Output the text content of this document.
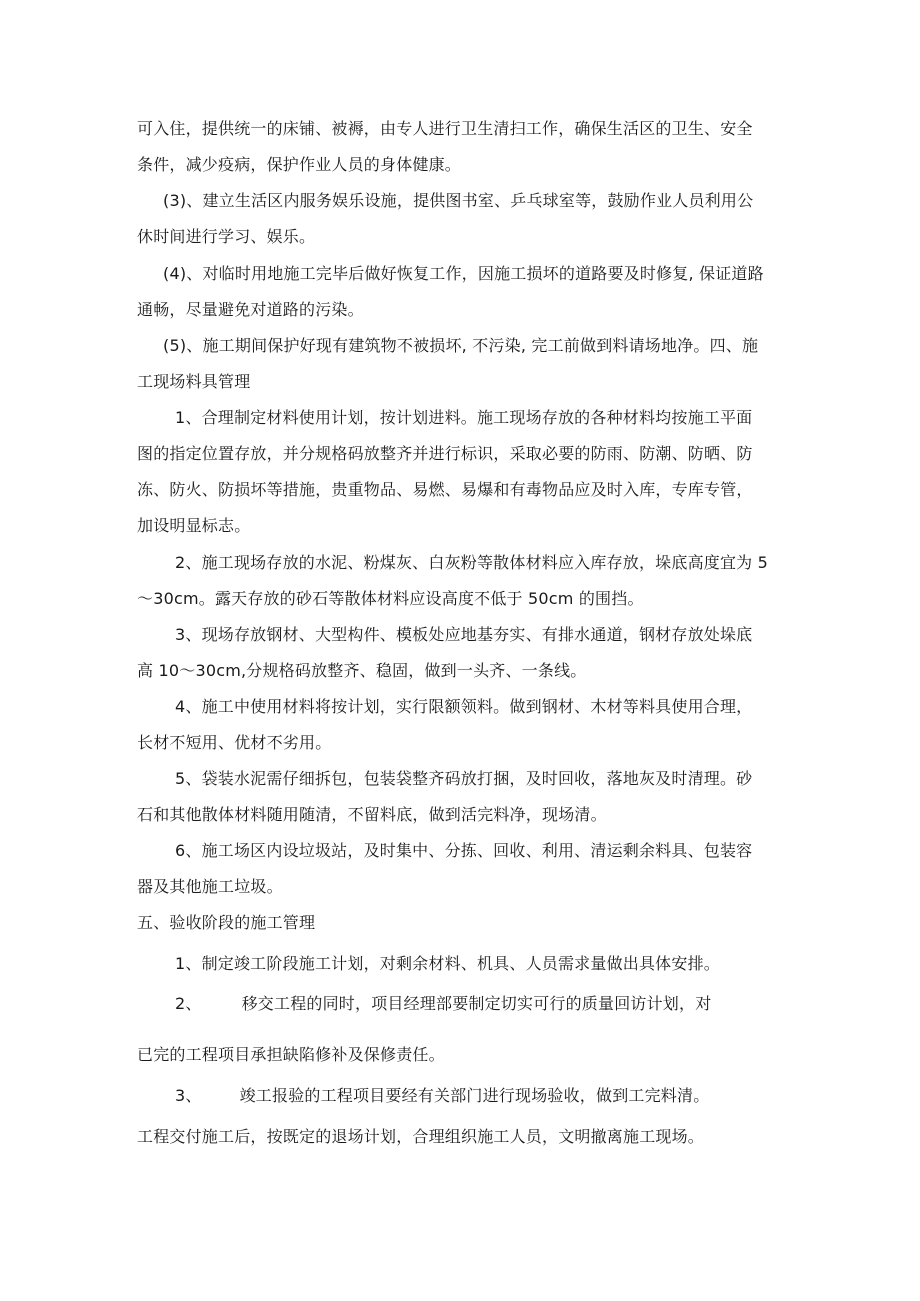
可入住，提供统一的床铺、被褥，由专人进行卫生清扫工作，确保生活区的卫生、安全
条件，减少疫病，保护作业人员的身体健康。
(3)、建立生活区内服务娱乐设施，提供图书室、乒乓球室等，鼓励作业人员利用公
休时间进行学习、娱乐。
(4)、对临时用地施工完毕后做好恢复工作，因施工损坏的道路要及时修复, 保证道路
通畅，尽量避免对道路的污染。
(5)、施工期间保护好现有建筑物不被损坏, 不污染, 完工前做到料请场地净。四、施
工现场料具管理
1、合理制定材料使用计划，按计划进料。施工现场存放的各种材料均按施工平面
图的指定位置存放，并分规格码放整齐并进行标识，采取必要的防雨、防潮、防晒、防
冻、防火、防损坏等措施，贵重物品、易燃、易爆和有毒物品应及时入库，专库专管，
加设明显标志。
2、施工现场存放的水泥、粉煤灰、白灰粉等散体材料应入库存放，垛底高度宜为 5
～30cm。露天存放的砂石等散体材料应设高度不低于 50cm 的围挡。
3、现场存放钢材、大型构件、模板处应地基夯实、有排水通道，钢材存放处垛底
高 10～30cm,分规格码放整齐、稳固，做到一头齐、一条线。
4、施工中使用材料将按计划，实行限额领料。做到钢材、木材等料具使用合理，
长材不短用、优材不劣用。
5、袋装水泥需仔细拆包，包装袋整齐码放打捆，及时回收，落地灰及时清理。砂
石和其他散体材料随用随清，不留料底，做到活完料净，现场清。
6、施工场区内设垃圾站，及时集中、分拣、回收、利用、清运剩余料具、包装容
器及其他施工垃圾。
五、验收阶段的施工管理
1、制定竣工阶段施工计划，对剩余材料、机具、人员需求量做出具体安排。
2、	移交工程的同时，项目经理部要制定切实可行的质量回访计划，对
已完的工程项目承担缺陷修补及保修责任。
3、 竣工报验的工程项目要经有关部门进行现场验收，做到工完料清。
工程交付施工后，按既定的退场计划，合理组织施工人员，文明撤离施工现场。
